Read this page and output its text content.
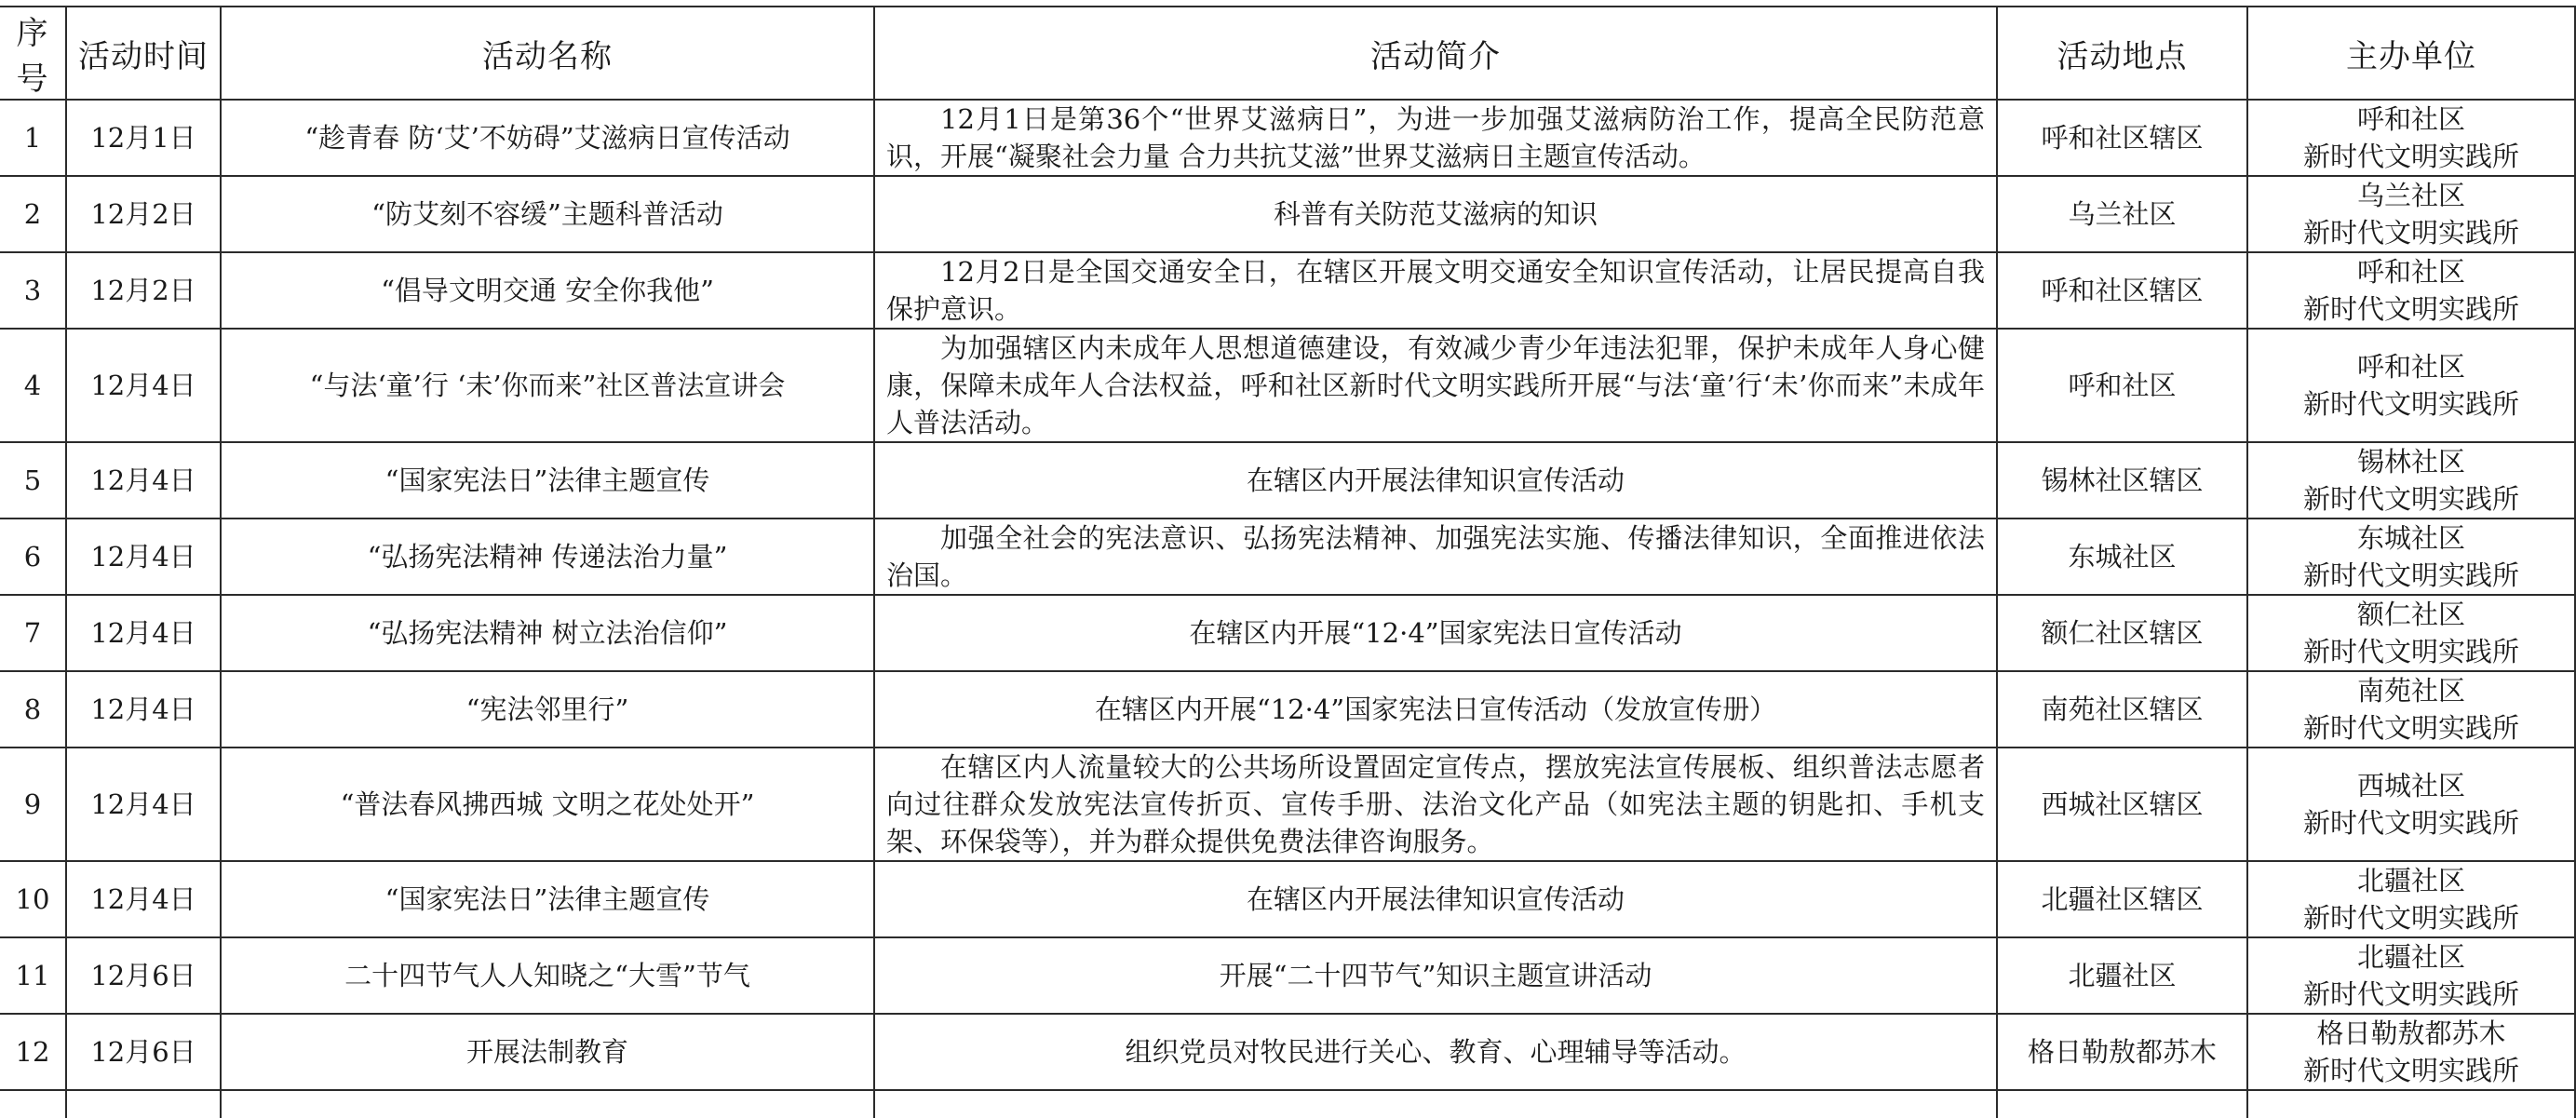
序号	活动时间	活动名称	活动简介	活动地点	主办单位
1	12月1日	“趁青春 防‘艾’不妨碍”艾滋病日宣传活动	12月1日是第36个“世界艾滋病日”，为进一步加强艾滋病防治工作，提高全民防范意识，开展“凝聚社会力量 合力共抗艾滋”世界艾滋病日主题宣传活动。	呼和社区辖区	呼和社区
新时代文明实践所

2	12月2日	“防艾刻不容缓”主题科普活动	科普有关防范艾滋病的知识	乌兰社区	乌兰社区
新时代文明实践所

3	12月2日	“倡导文明交通 安全你我他”	12月2日是全国交通安全日，在辖区开展文明交通安全知识宣传活动，让居民提高自我保护意识。	呼和社区辖区	呼和社区
新时代文明实践所

4	12月4日	“与法‘童’行 ‘未’你而来”社区普法宣讲会	为加强辖区内未成年人思想道德建设，有效减少青少年违法犯罪，保护未成年人身心健康，保障未成年人合法权益，呼和社区新时代文明实践所开展“与法‘童’行‘未’你而来”未成年人普法活动。	呼和社区	呼和社区
新时代文明实践所

5	12月4日	“国家宪法日”法律主题宣传	在辖区内开展法律知识宣传活动	锡林社区辖区	锡林社区
新时代文明实践所

6	12月4日	“弘扬宪法精神 传递法治力量”	加强全社会的宪法意识、弘扬宪法精神、加强宪法实施、传播法律知识，全面推进依法治国。	东城社区	东城社区
新时代文明实践所

7	12月4日	“弘扬宪法精神 树立法治信仰”	在辖区内开展“12·4”国家宪法日宣传活动	额仁社区辖区	额仁社区
新时代文明实践所

8	12月4日	“宪法邻里行”	在辖区内开展“12·4”国家宪法日宣传活动（发放宣传册）	南苑社区辖区	南苑社区
新时代文明实践所

9	12月4日	“普法春风拂西城 文明之花处处开”	在辖区内人流量较大的公共场所设置固定宣传点，摆放宪法宣传展板、组织普法志愿者向过往群众发放宪法宣传折页、宣传手册、法治文化产品（如宪法主题的钥匙扣、手机支架、环保袋等），并为群众提供免费法律咨询服务。	西城社区辖区	西城社区
新时代文明实践所

10	12月4日	“国家宪法日”法律主题宣传	在辖区内开展法律知识宣传活动	北疆社区辖区	北疆社区
新时代文明实践所

11	12月6日	二十四节气人人知晓之“大雪”节气	开展“二十四节气”知识主题宣讲活动	北疆社区	北疆社区
新时代文明实践所

12	12月6日	开展法制教育	组织党员对牧民进行关心、教育、心理辅导等活动。	格日勒敖都苏木	格日勒敖都苏木
新时代文明实践所
